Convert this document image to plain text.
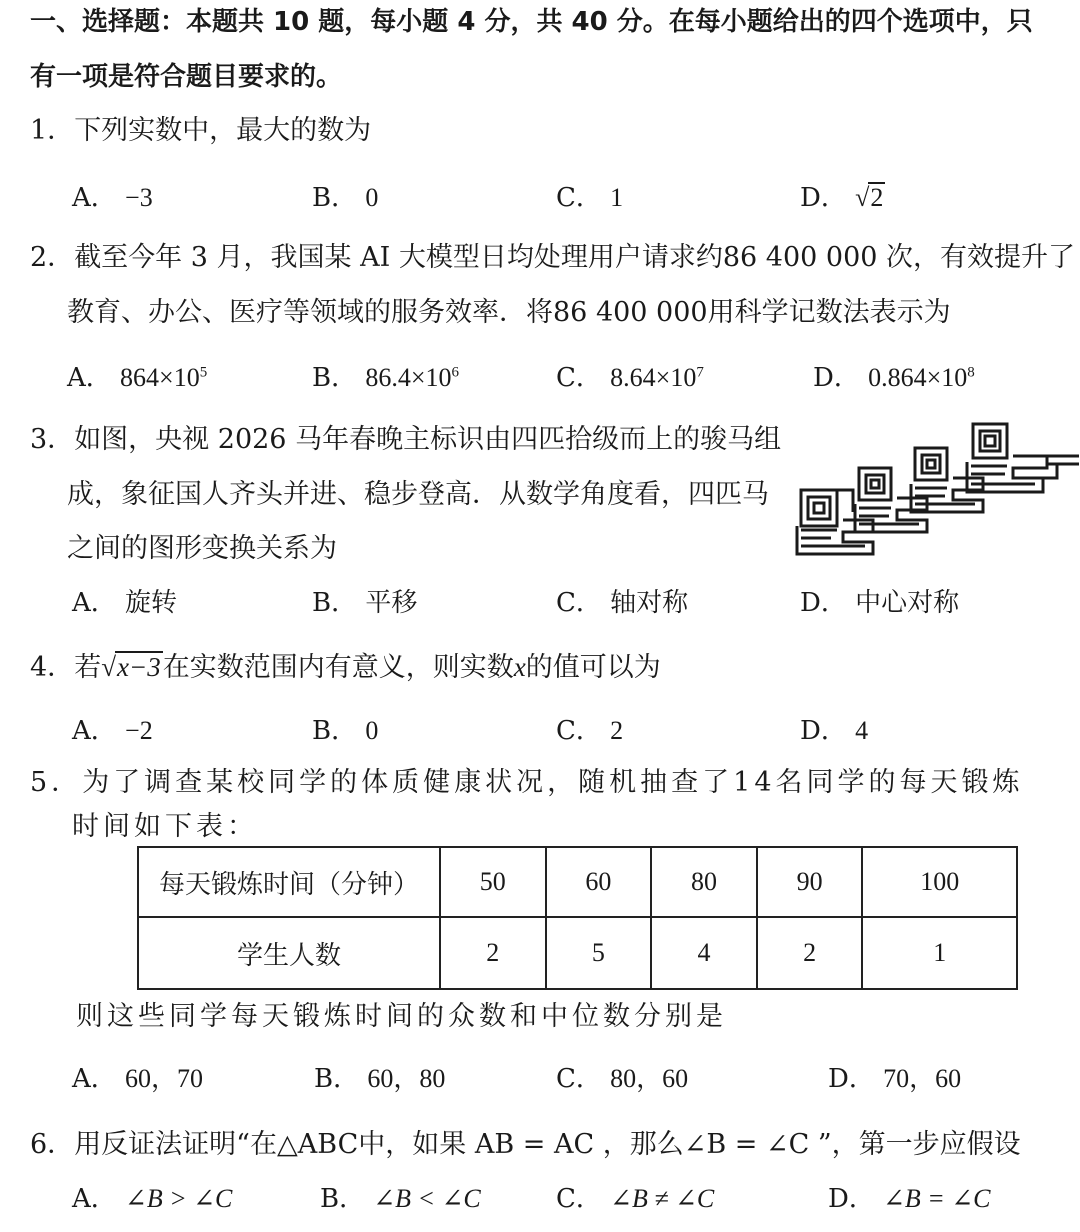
一、选择题：本题共 10 题，每小题 4 分，共 40 分。在每小题给出的四个选项中，只
有一项是符合题目要求的。
1．下列实数中，最大的数为
A． −3	B． 0	C． 1	D． √2
2．截至今年 3 月，我国某 AI 大模型日均处理用户请求约86 400 000 次，有效提升了
教育、办公、医疗等领域的服务效率．将86 400 000用科学记数法表示为
A． $864\times 10^5$	B． $86.4\times 10^6$	C． $8.64\times 10^7$	D． $0.864\times 10^8$
3．如图，央视 2026 马年春晚主标识由四匹拾级而上的骏马组
成，象征国人齐头并进、稳步登高．从数学角度看，四匹马
之间的图形变换关系为
A． 旋转	B． 平移	C． 轴对称	D． 中心对称
4．若√x−3在实数范围内有意义，则实数x的值可以为
A． −2	B． 0	C． 2	D． 4
5．为了调查某校同学的体质健康状况，随机抽查了14名同学的每天锻炼
时间如下表：
每天锻炼时间（分钟）	50	60	80	90	100
学生人数	2	5	4	2	1
则这些同学每天锻炼时间的众数和中位数分别是
A． 60，70	B． 60，80	C． 80，60	D． 70，60
6．用反证法证明“在△ABC中，如果 AB = AC ，那么∠B = ∠C ”，第一步应假设
A． ∠B > ∠C	B． ∠B < ∠C	C． ∠B ≠ ∠C	D． ∠B = ∠C
